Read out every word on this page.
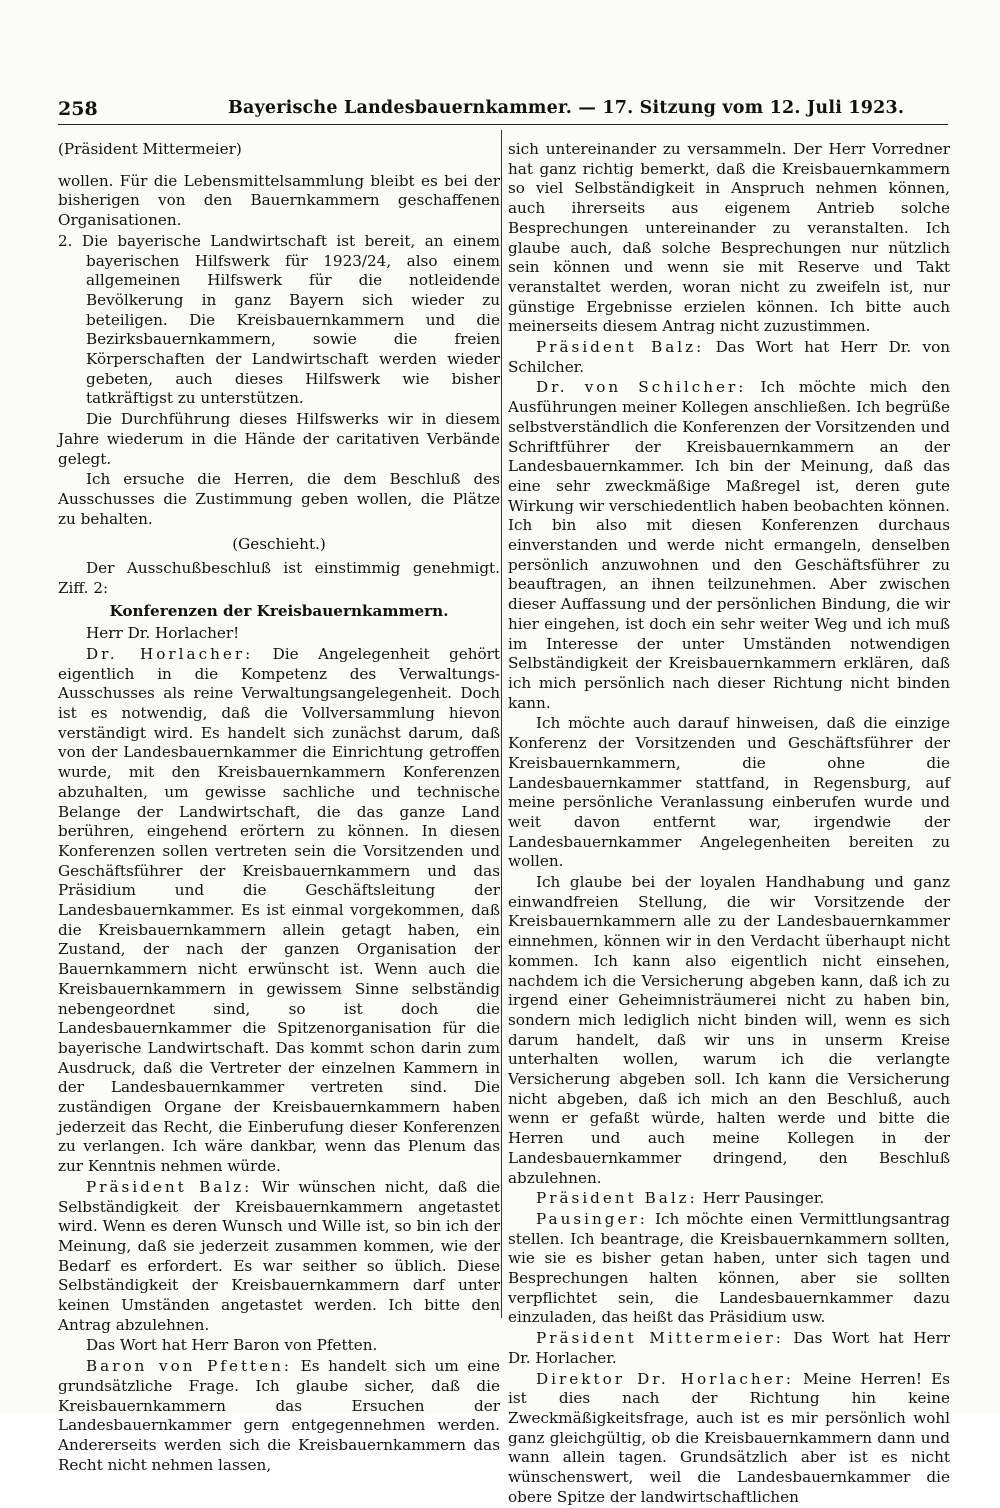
258	Bayerische Landesbauernkammer. — 17. Sitzung vom 12. Juli 1923.

(Präsident Mittermeier)

wollen. Für die Lebensmittelsammlung bleibt es bei der bisherigen von den Bauernkammern geschaffenen Organisationen.

2. Die bayerische Landwirtschaft ist bereit, an einem bayerischen Hilfswerk für 1923/24, also einem allgemeinen Hilfswerk für die notleidende Bevölkerung in ganz Bayern sich wieder zu beteiligen. Die Kreisbauernkammern und die Bezirksbauernkammern, sowie die freien Körperschaften der Landwirtschaft werden wieder gebeten, auch dieses Hilfswerk wie bisher tatkräftigst zu unterstützen.

Die Durchführung dieses Hilfswerks wir in diesem Jahre wiederum in die Hände der caritativen Verbände gelegt.

Ich ersuche die Herren, die dem Beschluß des Ausschusses die Zustimmung geben wollen, die Plätze zu behalten.

(Geschieht.)

Der Ausschußbeschluß ist einstimmig genehmigt. Ziff. 2:

Konferenzen der Kreisbauernkammern.

Herr Dr. Horlacher!

Dr. Horlacher: Die Angelegenheit gehört eigentlich in die Kompetenz des Verwaltungs-Ausschusses als reine Verwaltungsangelegenheit. Doch ist es notwendig, daß die Vollversammlung hievon verständigt wird. Es handelt sich zunächst darum, daß von der Landesbauernkammer die Einrichtung getroffen wurde, mit den Kreisbauernkammern Konferenzen abzuhalten, um gewisse sachliche und technische Belange der Landwirtschaft, die das ganze Land berühren, eingehend erörtern zu können. In diesen Konferenzen sollen vertreten sein die Vorsitzenden und Geschäftsführer der Kreisbauernkammern und das Präsidium und die Geschäftsleitung der Landesbauernkammer. Es ist einmal vorgekommen, daß die Kreisbauernkammern allein getagt haben, ein Zustand, der nach der ganzen Organisation der Bauernkammern nicht erwünscht ist. Wenn auch die Kreisbauernkammern in gewissem Sinne selbständig nebengeordnet sind, so ist doch die Landesbauernkammer die Spitzenorganisation für die bayerische Landwirtschaft. Das kommt schon darin zum Ausdruck, daß die Vertreter der einzelnen Kammern in der Landesbauernkammer vertreten sind. Die zuständigen Organe der Kreisbauernkammern haben jederzeit das Recht, die Einberufung dieser Konferenzen zu verlangen. Ich wäre dankbar, wenn das Plenum das zur Kenntnis nehmen würde.

Präsident Balz: Wir wünschen nicht, daß die Selbständigkeit der Kreisbauernkammern angetastet wird. Wenn es deren Wunsch und Wille ist, so bin ich der Meinung, daß sie jederzeit zusammen kommen, wie der Bedarf es erfordert. Es war seither so üblich. Diese Selbständigkeit der Kreisbauernkammern darf unter keinen Umständen angetastet werden. Ich bitte den Antrag abzulehnen.

Das Wort hat Herr Baron von Pfetten.

Baron von Pfetten: Es handelt sich um eine grundsätzliche Frage. Ich glaube sicher, daß die Kreisbauernkammern das Ersuchen der Landesbauernkammer gern entgegennehmen werden. Andererseits werden sich die Kreisbauernkammern das Recht nicht nehmen lassen,

sich untereinander zu versammeln. Der Herr Vorredner hat ganz richtig bemerkt, daß die Kreisbauernkammern so viel Selbständigkeit in Anspruch nehmen können, auch ihrerseits aus eigenem Antrieb solche Besprechungen untereinander zu veranstalten. Ich glaube auch, daß solche Besprechungen nur nützlich sein können und wenn sie mit Reserve und Takt veranstaltet werden, woran nicht zu zweifeln ist, nur günstige Ergebnisse erzielen können. Ich bitte auch meinerseits diesem Antrag nicht zuzustimmen.

Präsident Balz: Das Wort hat Herr Dr. von Schilcher.

Dr. von Schilcher: Ich möchte mich den Ausführungen meiner Kollegen anschließen. Ich begrüße selbstverständlich die Konferenzen der Vorsitzenden und Schriftführer der Kreisbauernkammern an der Landesbauernkammer. Ich bin der Meinung, daß das eine sehr zweckmäßige Maßregel ist, deren gute Wirkung wir verschiedentlich haben beobachten können. Ich bin also mit diesen Konferenzen durchaus einverstanden und werde nicht ermangeln, denselben persönlich anzuwohnen und den Geschäftsführer zu beauftragen, an ihnen teilzunehmen. Aber zwischen dieser Auffassung und der persönlichen Bindung, die wir hier eingehen, ist doch ein sehr weiter Weg und ich muß im Interesse der unter Umständen notwendigen Selbständigkeit der Kreisbauernkammern erklären, daß ich mich persönlich nach dieser Richtung nicht binden kann.

Ich möchte auch darauf hinweisen, daß die einzige Konferenz der Vorsitzenden und Geschäftsführer der Kreisbauernkammern, die ohne die Landesbauernkammer stattfand, in Regensburg, auf meine persönliche Veranlassung einberufen wurde und weit davon entfernt war, irgendwie der Landesbauernkammer Angelegenheiten bereiten zu wollen.

Ich glaube bei der loyalen Handhabung und ganz einwandfreien Stellung, die wir Vorsitzende der Kreisbauernkammern alle zu der Landesbauernkammer einnehmen, können wir in den Verdacht überhaupt nicht kommen. Ich kann also eigentlich nicht einsehen, nachdem ich die Versicherung abgeben kann, daß ich zu irgend einer Geheimnisträumerei nicht zu haben bin, sondern mich lediglich nicht binden will, wenn es sich darum handelt, daß wir uns in unserm Kreise unterhalten wollen, warum ich die verlangte Versicherung abgeben soll. Ich kann die Versicherung nicht abgeben, daß ich mich an den Beschluß, auch wenn er gefaßt würde, halten werde und bitte die Herren und auch meine Kollegen in der Landesbauernkammer dringend, den Beschluß abzulehnen.

Präsident Balz: Herr Pausinger.

Pausinger: Ich möchte einen Vermittlungsantrag stellen. Ich beantrage, die Kreisbauernkammern sollten, wie sie es bisher getan haben, unter sich tagen und Besprechungen halten können, aber sie sollten verpflichtet sein, die Landesbauernkammer dazu einzuladen, das heißt das Präsidium usw.

Präsident Mittermeier: Das Wort hat Herr Dr. Horlacher.

Direktor Dr. Horlacher: Meine Herren! Es ist dies nach der Richtung hin keine Zweckmäßigkeitsfrage, auch ist es mir persönlich wohl ganz gleichgültig, ob die Kreisbauernkammern dann und wann allein tagen. Grundsätzlich aber ist es nicht wünschenswert, weil die Landesbauernkammer die obere Spitze der landwirtschaftlichen
